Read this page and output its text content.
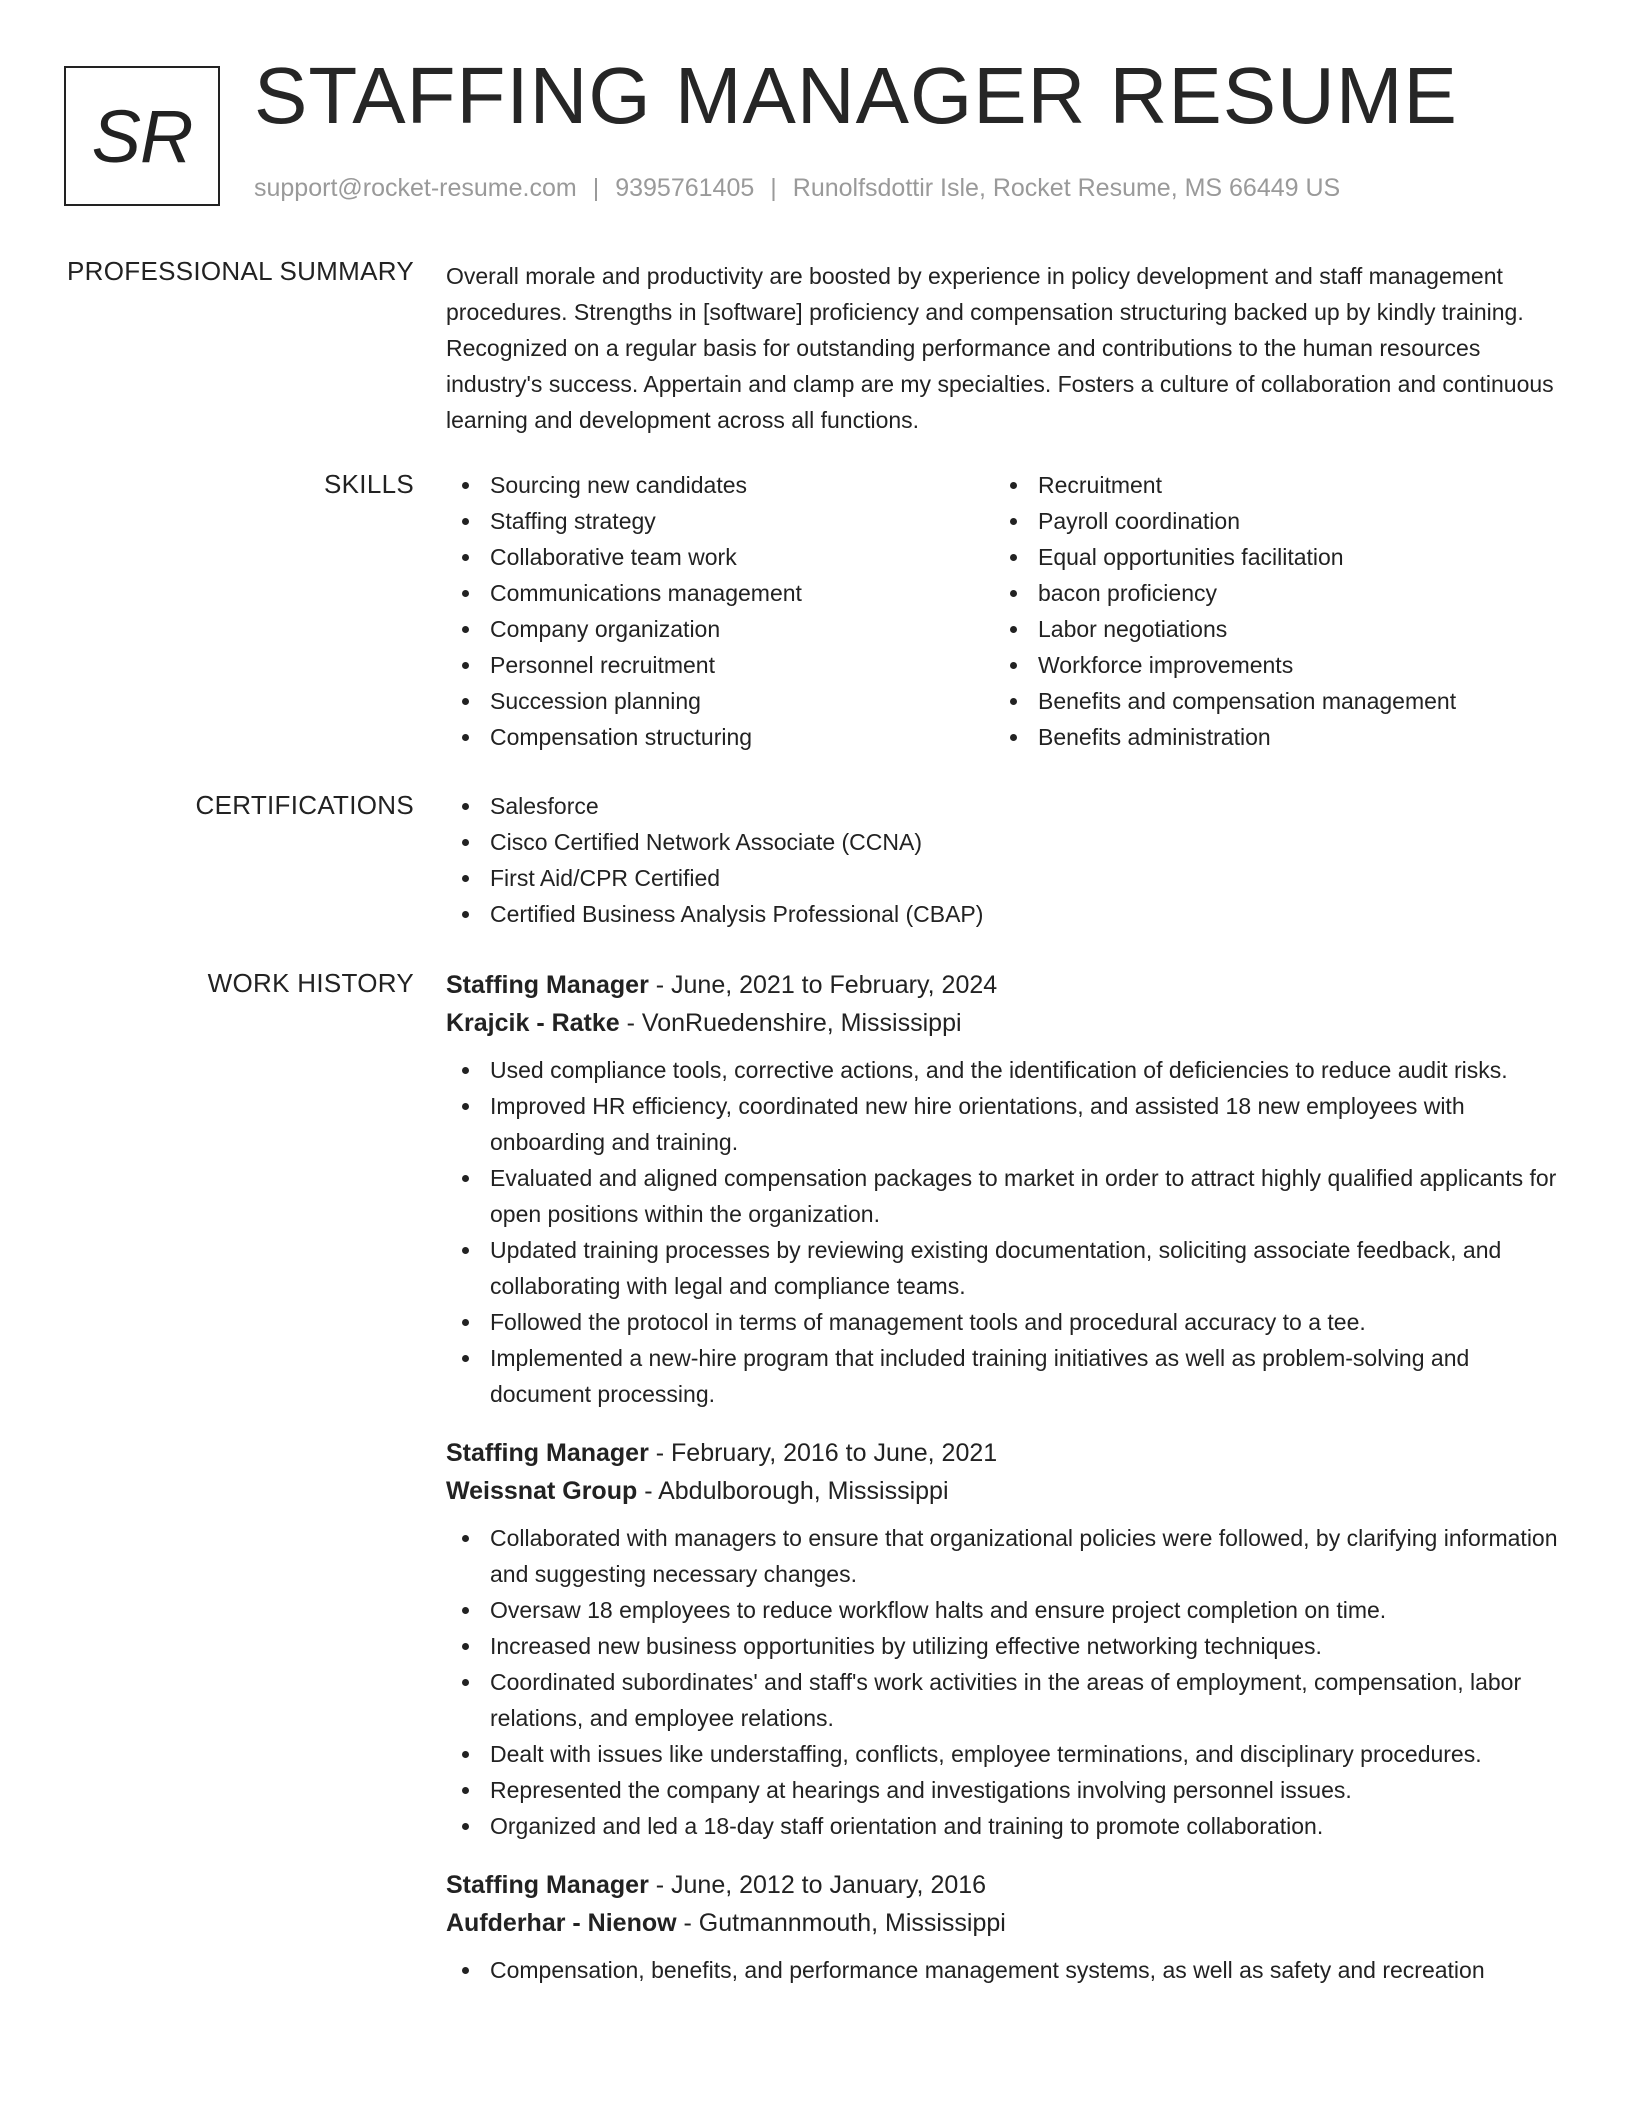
SR STAFFING MANAGER RESUME
support@rocket-resume.com | 9395761405 | Runolfsdottir Isle, Rocket Resume, MS 66449 US
PROFESSIONAL SUMMARY Overall morale and productivity are boosted by experience in policy development and staff management procedures. Strengths in [software] proficiency and compensation structuring backed up by kindly training. Recognized on a regular basis for outstanding performance and contributions to the human resources industry's success. Appertain and clamp are my specialties. Fosters a culture of collaboration and continuous learning and development across all functions.

SKILLS	Sourcing new candidates
Staffing strategy
Collaborative team work
Communications management
Company organization
Personnel recruitment
Succession planning
Compensation structuring
Recruitment
Payroll coordination
Equal opportunities facilitation
bacon proficiency
Labor negotiations
Workforce improvements
Benefits and compensation management
Benefits administration
CERTIFICATIONS	Salesforce
Cisco Certified Network Associate (CCNA)
First Aid/CPR Certified
Certified Business Analysis Professional (CBAP)
WORK HISTORY Staffing Manager - June, 2021 to February, 2024
Krajcik - Ratke - VonRuedenshire, Mississippi
Used compliance tools, corrective actions, and the identification of deficiencies to reduce audit risks.
Improved HR efficiency, coordinated new hire orientations, and assisted 18 new employees with onboarding and training.
Evaluated and aligned compensation packages to market in order to attract highly qualified applicants for open positions within the organization.
Updated training processes by reviewing existing documentation, soliciting associate feedback, and collaborating with legal and compliance teams.
Followed the protocol in terms of management tools and procedural accuracy to a tee.
Implemented a new-hire program that included training initiatives as well as problem-solving and document processing.
Staffing Manager - February, 2016 to June, 2021
Weissnat Group - Abdulborough, Mississippi
Collaborated with managers to ensure that organizational policies were followed, by clarifying information and suggesting necessary changes.
Oversaw 18 employees to reduce workflow halts and ensure project completion on time.
Increased new business opportunities by utilizing effective networking techniques.
Coordinated subordinates' and staff's work activities in the areas of employment, compensation, labor relations, and employee relations.
Dealt with issues like understaffing, conflicts, employee terminations, and disciplinary procedures.
Represented the company at hearings and investigations involving personnel issues.
Organized and led a 18-day staff orientation and training to promote collaboration.
Staffing Manager - June, 2012 to January, 2016
Aufderhar - Nienow - Gutmannmouth, Mississippi
Compensation, benefits, and performance management systems, as well as safety and recreation
